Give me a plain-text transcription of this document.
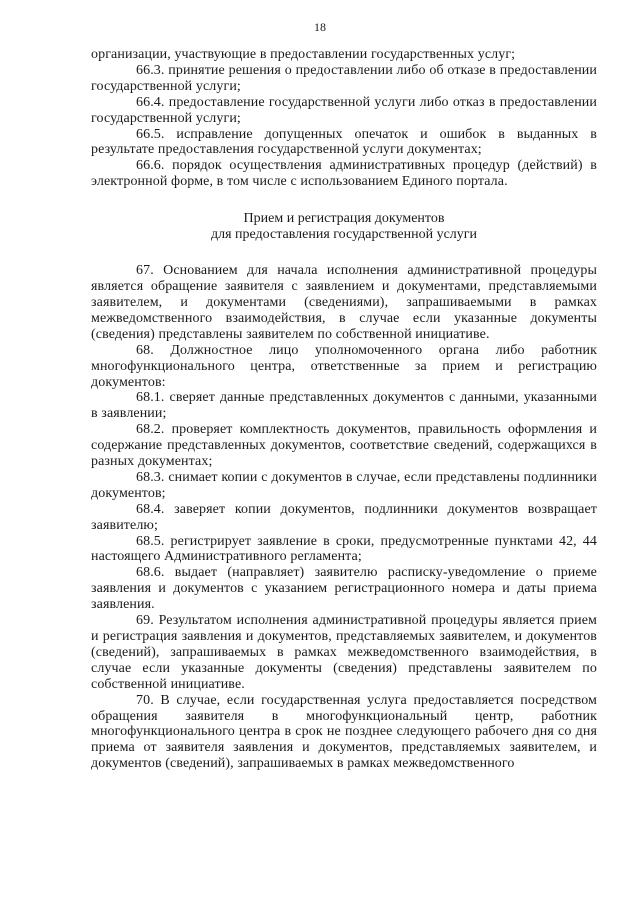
18

организации, участвующие в предоставлении государственных услуг;

66.3. принятие решения о предоставлении либо об отказе в предоставлении государственной услуги;

66.4. предоставление государственной услуги либо отказ в предоставлении государственной услуги;

66.5. исправление допущенных опечаток и ошибок в выданных в результате предоставления государственной услуги документах;

66.6. порядок осуществления административных процедур (действий) в электронной форме, в том числе с использованием Единого портала.

Прием и регистрация документов
для предоставления государственной услуги

67. Основанием для начала исполнения административной процедуры является обращение заявителя с заявлением и документами, представляемыми заявителем, и документами (сведениями), запрашиваемыми в рамках межведомственного взаимодействия, в случае если указанные документы (сведения) представлены заявителем по собственной инициативе.

68. Должностное лицо уполномоченного органа либо работник многофункционального центра, ответственные за прием и регистрацию документов:

68.1. сверяет данные представленных документов с данными, указанными в заявлении;

68.2. проверяет комплектность документов, правильность оформления и содержание представленных документов, соответствие сведений, содержащихся в разных документах;

68.3. снимает копии с документов в случае, если представлены подлинники документов;

68.4. заверяет копии документов, подлинники документов возвращает заявителю;

68.5. регистрирует заявление в сроки, предусмотренные пунктами 42, 44 настоящего Административного регламента;

68.6. выдает (направляет) заявителю расписку-уведомление о приеме заявления и документов с указанием регистрационного номера и даты приема заявления.

69. Результатом исполнения административной процедуры является прием и регистрация заявления и документов, представляемых заявителем, и документов (сведений), запрашиваемых в рамках межведомственного взаимодействия, в случае если указанные документы (сведения) представлены заявителем по собственной инициативе.

70. В случае, если государственная услуга предоставляется посредством обращения заявителя в многофункциональный центр, работник многофункционального центра в срок не позднее следующего рабочего дня со дня приема от заявителя заявления и документов, представляемых заявителем, и документов (сведений), запрашиваемых в рамках межведомственного
